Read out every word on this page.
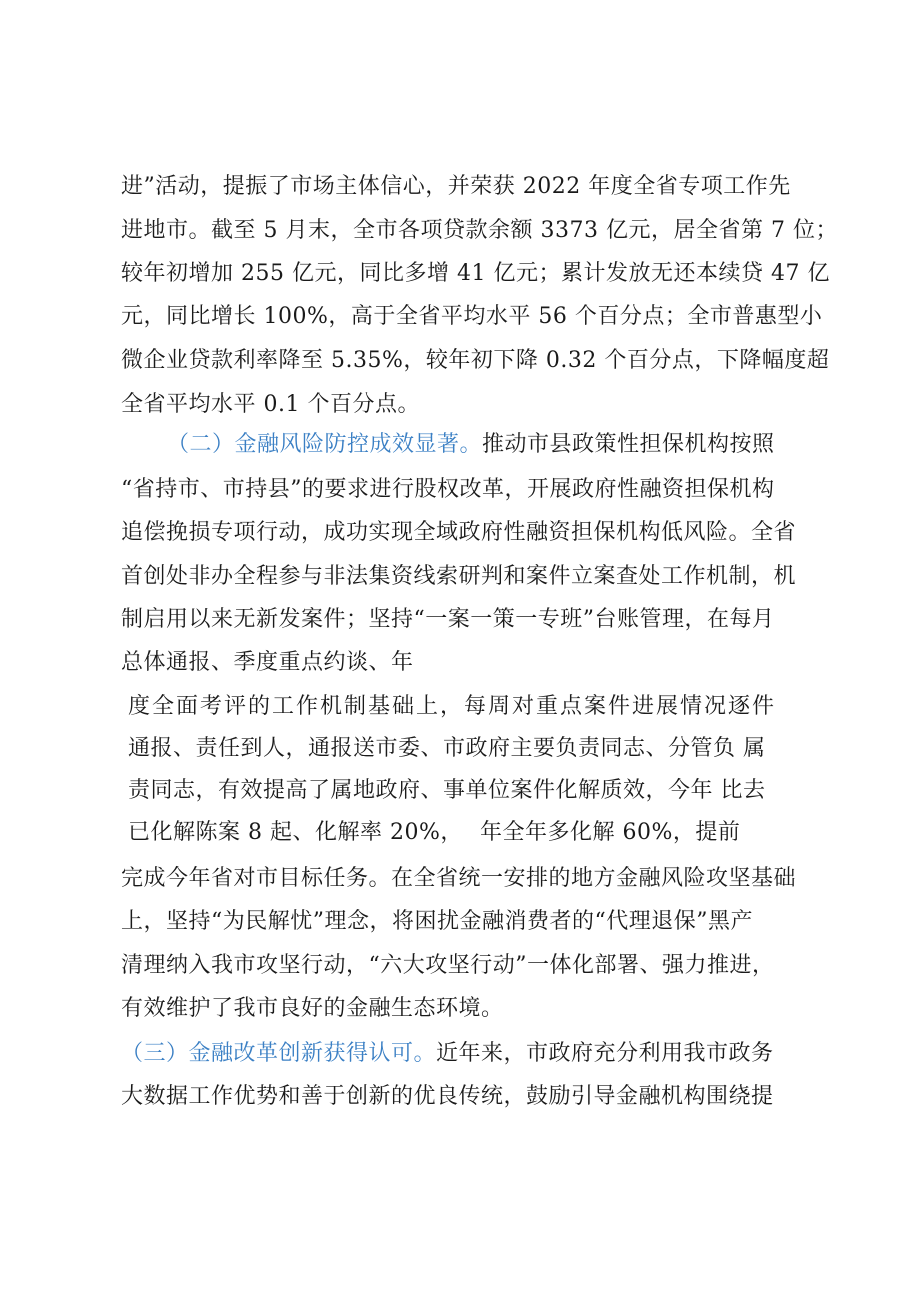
进”活动，提振了市场主体信心，并荣获 2022 年度全省专项工作先
进地市。截至 5 月末，全市各项贷款余额 3373 亿元，居全省第 7 位；
较年初增加 255 亿元，同比多增 41 亿元；累计发放无还本续贷 47 亿
元，同比增长 100%，高于全省平均水平 56 个百分点；全市普惠型小
微企业贷款利率降至 5.35%，较年初下降 0.32 个百分点，下降幅度超
全省平均水平 0.1 个百分点。
（二）金融风险防控成效显著。推动市县政策性担保机构按照
“省持市、市持县”的要求进行股权改革，开展政府性融资担保机构
追偿挽损专项行动，成功实现全域政府性融资担保机构低风险。全省
首创处非办全程参与非法集资线索研判和案件立案查处工作机制，机
制启用以来无新发案件；坚持“一案一策一专班”台账管理，在每月
总体通报、季度重点约谈、年
度全面考评的工作机制基础上，每周对重点案件进展情况逐件
通报、责任到人，通报送市委、市政府主要负责同志、分管负 属
责同志，有效提高了属地政府、事单位案件化解质效，今年 比去
已化解陈案 8 起、化解率 20%， 年全年多化解 60%，提前
完成今年省对市目标任务。在全省统一安排的地方金融风险攻坚基础
上，坚持“为民解忧”理念，将困扰金融消费者的“代理退保”黑产
清理纳入我市攻坚行动，“六大攻坚行动”一体化部署、强力推进，
有效维护了我市良好的金融生态环境。
（三）金融改革创新获得认可。近年来，市政府充分利用我市政务
大数据工作优势和善于创新的优良传统，鼓励引导金融机构围绕提
